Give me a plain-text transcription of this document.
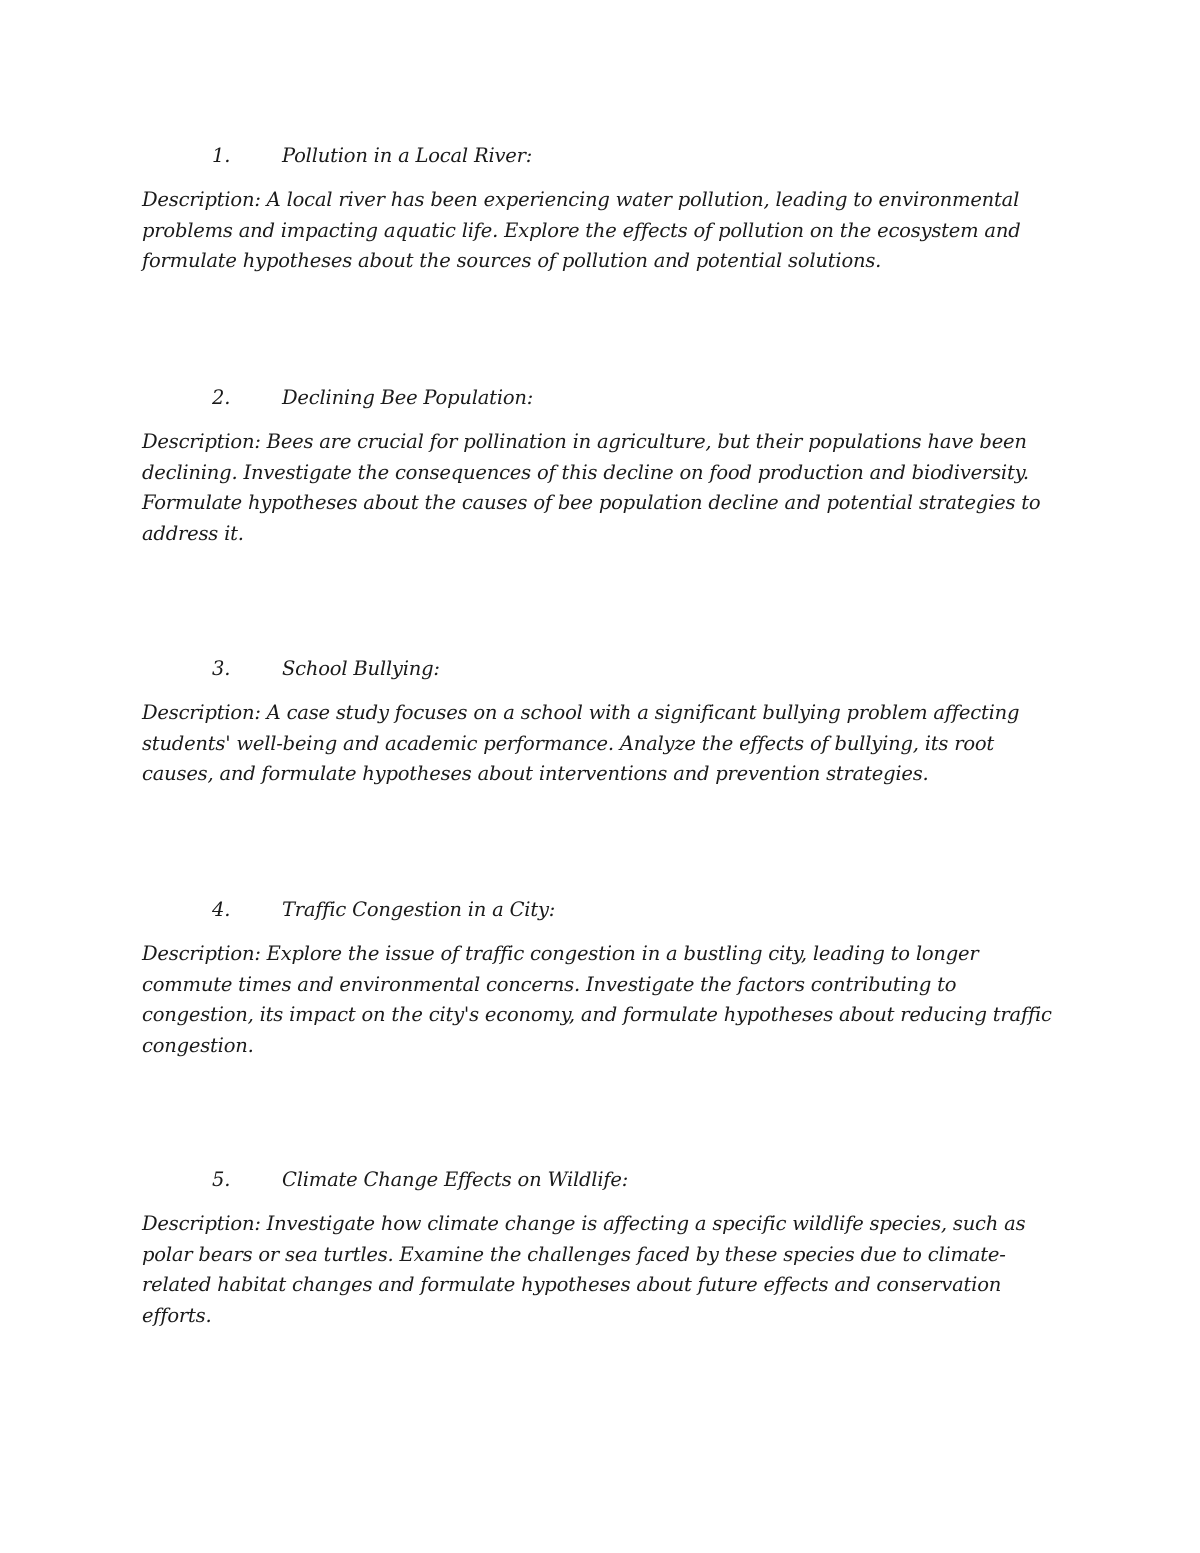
1.	Pollution in a Local River:
Description: A local river has been experiencing water pollution, leading to environmental problems and impacting aquatic life. Explore the effects of pollution on the ecosystem and formulate hypotheses about the sources of pollution and potential solutions.
2.	Declining Bee Population:
Description: Bees are crucial for pollination in agriculture, but their populations have been declining. Investigate the consequences of this decline on food production and biodiversity. Formulate hypotheses about the causes of bee population decline and potential strategies to address it.
3.	School Bullying:
Description: A case study focuses on a school with a significant bullying problem affecting students' well-being and academic performance. Analyze the effects of bullying, its root causes, and formulate hypotheses about interventions and prevention strategies.
4.	Traffic Congestion in a City:
Description: Explore the issue of traffic congestion in a bustling city, leading to longer commute times and environmental concerns. Investigate the factors contributing to congestion, its impact on the city's economy, and formulate hypotheses about reducing traffic congestion.
5.	Climate Change Effects on Wildlife:
Description: Investigate how climate change is affecting a specific wildlife species, such as polar bears or sea turtles. Examine the challenges faced by these species due to climate-related habitat changes and formulate hypotheses about future effects and conservation efforts.
